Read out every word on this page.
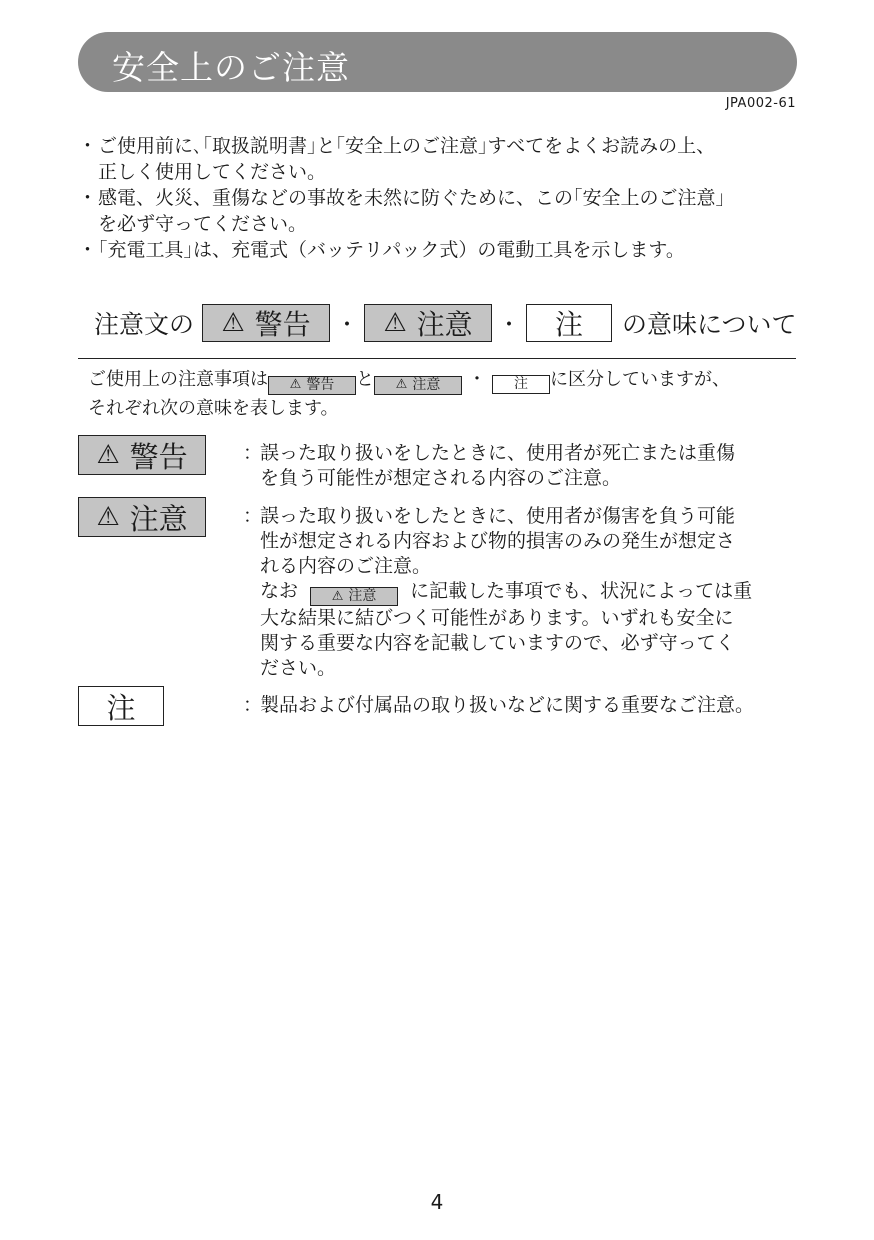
安全上のご注意
JPA002-61
・ ご使用前に､｢取扱説明書｣と｢安全上のご注意｣すべてをよくお読みの上、
正しく使用してください。
・ 感電、火災、重傷などの事故を未然に防ぐために、この｢安全上のご注意｣
を必ず守ってください。
・ ｢充電工具｣は、充電式（バッテリパック式）の電動工具を示します。
注意文の ⚠ 警告 ・ ⚠ 注意 ・ 注 の意味について
ご使用上の注意事項は ⚠ 警告 と ⚠ 注意 ・ 注 に区分していますが、
それぞれ次の意味を表します。
⚠ 警告	：
誤った取り扱いをしたときに、使用者が死亡または重傷
を負う可能性が想定される内容のご注意。
⚠ 注意	：
誤った取り扱いをしたときに、使用者が傷害を負う可能
性が想定される内容および物的損害のみの発生が想定さ
れる内容のご注意。
なお	⚠ 注意 に記載した事項でも、状況によっては重
大な結果に結びつく可能性があります。いずれも安全に
関する重要な内容を記載していますので、必ず守ってく
ださい。
注	：
製品および付属品の取り扱いなどに関する重要なご注意。
4
